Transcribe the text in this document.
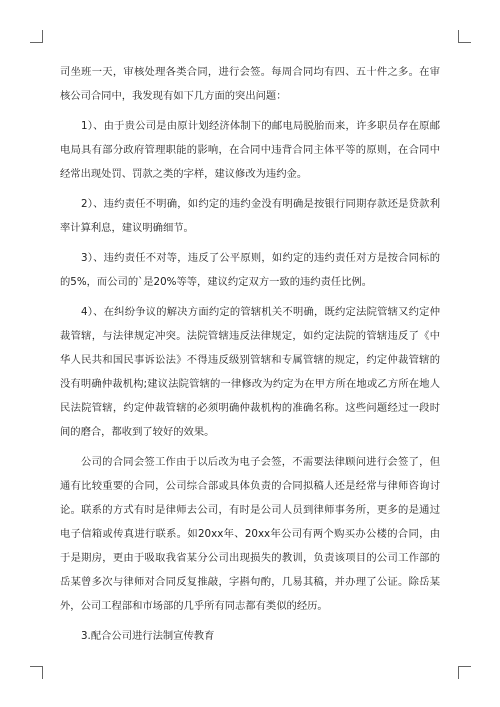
司坐班一天，审核处理各类合同，进行会签。每周合同均有四、五十件之多。在审核公司合同中，我发现有如下几方面的突出问题：

1）、由于贵公司是由原计划经济体制下的邮电局脱胎而来，许多职员存在原邮电局具有部分政府管理职能的影响，在合同中违背合同主体平等的原则，在合同中经常出现处罚、罚款之类的字样，建议修改为违约金。

2）、违约责任不明确，如约定的违约金没有明确是按银行同期存款还是贷款利率计算利息，建议明确细节。

3）、违约责任不对等，违反了公平原则，如约定的违约责任对方是按合同标的的5%，而公司的`是20%等等，建议约定双方一致的违约责任比例。

4）、在纠纷争议的解决方面约定的管辖机关不明确，既约定法院管辖又约定仲裁管辖，与法律规定冲突。法院管辖违反法律规定，如约定法院的管辖违反了《中华人民共和国民事诉讼法》不得违反级别管辖和专属管辖的规定，约定仲裁管辖的没有明确仲裁机构;建议法院管辖的一律修改为约定为在甲方所在地或乙方所在地人民法院管辖，约定仲裁管辖的必须明确仲裁机构的准确名称。这些问题经过一段时间的磨合，都收到了较好的效果。

公司的合同会签工作由于以后改为电子会签，不需要法律顾问进行会签了，但通有比较重要的合同，公司综合部或具体负责的合同拟稿人还是经常与律师咨询讨论。联系的方式有时是律师去公司，有时是公司人员到律师事务所，更多的是通过电子信箱或传真进行联系。如20xx年、20xx年公司有两个购买办公楼的合同，由于是期房，更由于吸取我省某分公司出现损失的教训，负责该项目的公司工作部的岳某曾多次与律师对合同反复推敲，字斟句酌，几易其稿，并办理了公证。除岳某外，公司工程部和市场部的几乎所有同志都有类似的经历。

3.配合公司进行法制宣传教育
